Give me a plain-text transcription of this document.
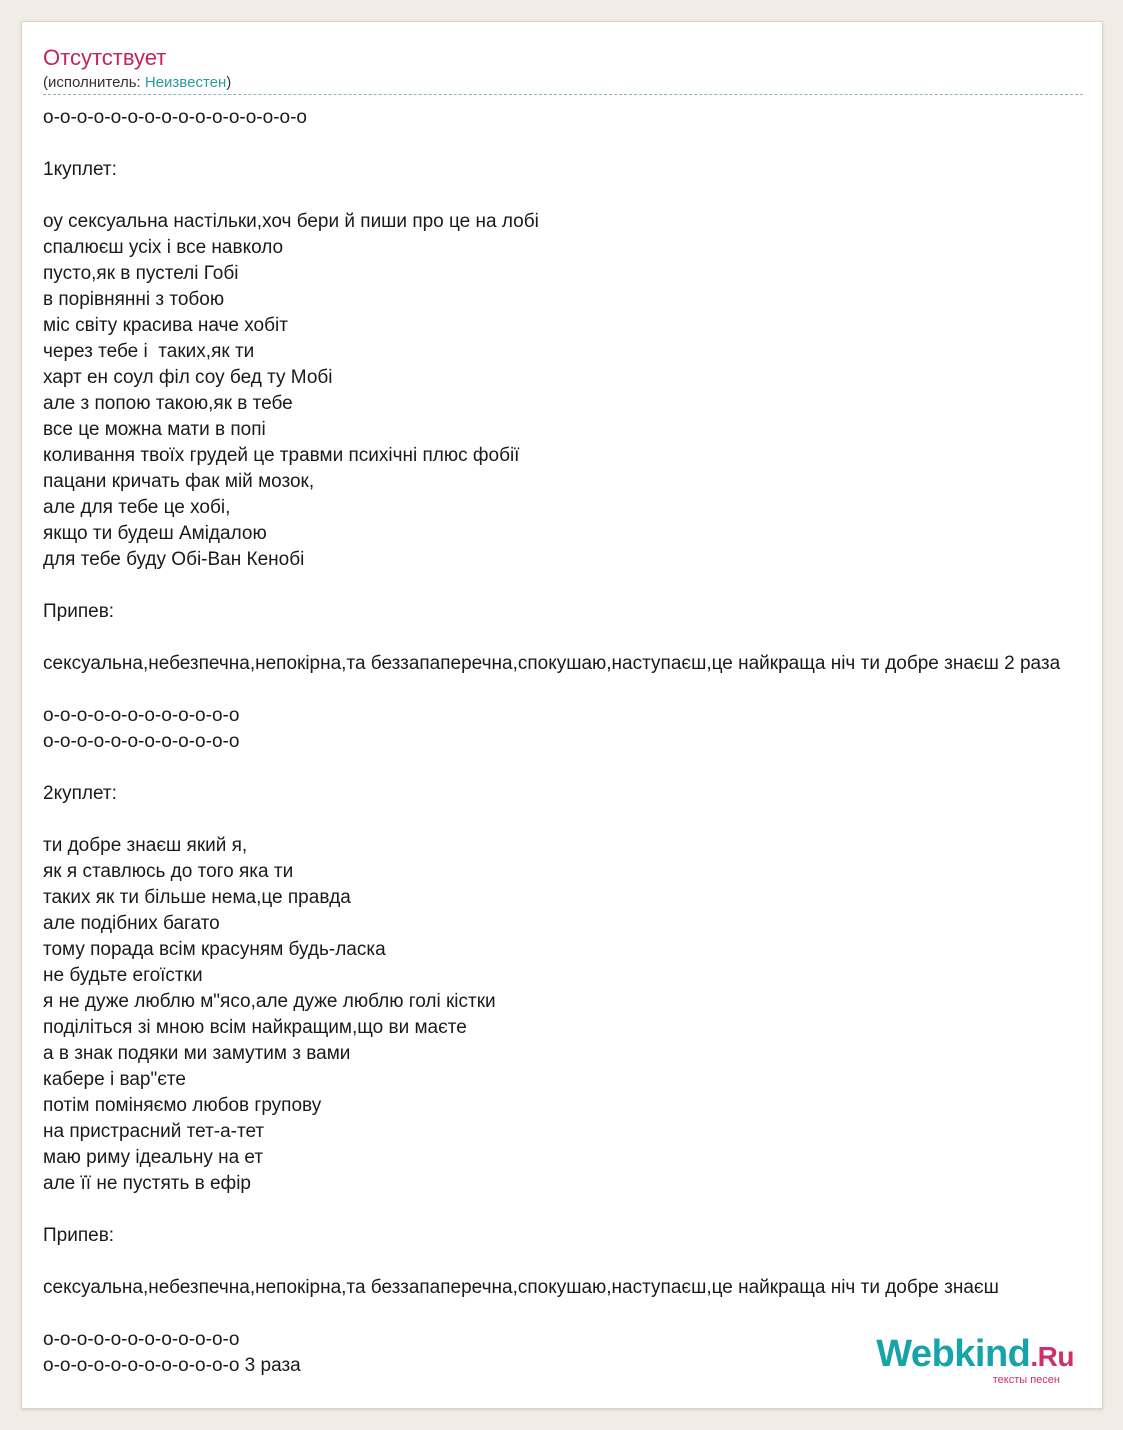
Отсутствует
(исполнитель: Неизвестен)
о-о-о-о-о-о-о-о-о-о-о-о-о-о-о-о

1куплет:

оу сексуальна настільки,хоч бери й пиши про це на лобі
спалюєш усіх і все навколо
пусто,як в пустелі Гобі
в порівнянні з тобою
міс світу красива наче хобіт
через тебе і  таких,як ти
харт ен соул філ соу бед ту Мобі
але з попою такою,як в тебе
все це можна мати в попі
коливання твоїх грудей це травми психічні плюс фобії
пацани кричать фак мій мозок,
але для тебе це хобі,
якщо ти будеш Амідалою
для тебе буду Обі-Ван Кенобі

Припев:

сексуальна,небезпечна,непокірна,та беззапаперечна,спокушаю,наступаєш,це найкраща ніч ти добре знаєш 2 раза

о-о-о-о-о-о-о-о-о-о-о-о
о-о-о-о-о-о-о-о-о-о-о-о

2куплет:

ти добре знаєш який я,
як я ставлюсь до того яка ти
таких як ти більше нема,це правда
але подібних багато
тому порада всім красуням будь-ласка
не будьте егоїстки
я не дуже люблю м"ясо,але дуже люблю голі кістки
поділіться зі мною всім найкращим,що ви маєте
а в знак подяки ми замутим з вами
кабере і вар"єте
потім поміняємо любов групову
на пристрасний тет-а-тет
маю риму ідеальну на ет
але її не пустять в ефір

Припев:

сексуальна,небезпечна,непокірна,та беззапаперечна,спокушаю,наступаєш,це найкраща ніч ти добре знаєш

о-о-о-о-о-о-о-о-о-о-о-о
о-о-о-о-о-о-о-о-о-о-о-о 3 раза	Webkind.Ru
тексты песен
